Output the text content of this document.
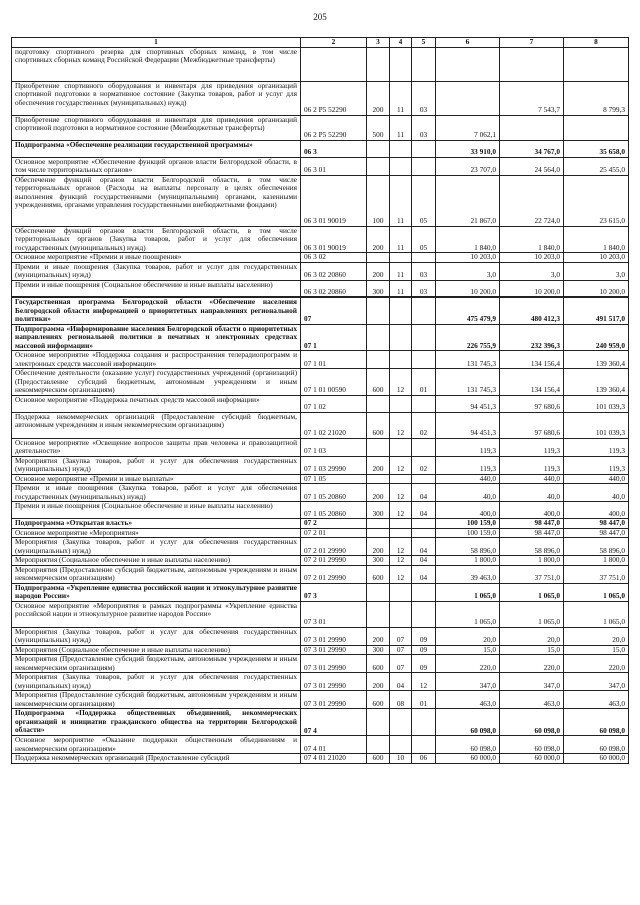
205
1	2	3	4	5	6	7	8
подготовку спортивного резерва для спортивных сборных команд, в том числе спортивных сборных команд Российской Федерации (Межбюджетные трансферты)							
Приобретение спортивного оборудования и инвентаря для приведения организаций спортивной подготовки в нормативное состояние (Закупка товаров, работ и услуг для обеспечения государственных (муниципальных) нужд)	06 2 P5 52290	200	11	03		7 543,7	8 799,3
Приобретение спортивного оборудования и инвентаря для приведения организаций спортивной подготовки в нормативное состояние (Межбюджетные трансферты)	06 2 P5 52290	500	11	03	7 062,1		
Подпрограмма «Обеспечение реализации государственной программы»	06 3				33 910,0	34 767,0	35 658,0
Основное мероприятие «Обеспечение функций органов власти Белгородской области, в том числе территориальных органов»	06 3 01				23 707,0	24 564,0	25 455,0
Обеспечение функций органов власти Белгородской области, в том числе территориальных органов (Расходы на выплаты персоналу в целях обеспечения выполнения функций государственными (муниципальными) органами, казенными учреждениями, органами управления государственными внебюджетными фондами)	06 3 01 90019	100	11	05	21 867,0	22 724,0	23 615,0
Обеспечение функций органов власти Белгородской области, в том числе территориальных органов (Закупка товаров, работ и услуг для обеспечения государственных (муниципальных) нужд)	06 3 01 90019	200	11	05	1 840,0	1 840,0	1 840,0
Основное мероприятие «Премии и иные поощрения»	06 3 02				10 203,0	10 203,0	10 203,0
Премии и иные поощрения (Закупка товаров, работ и услуг для государственных (муниципальных) нужд)	06 3 02 20860	200	11	03	3,0	3,0	3,0
Премии и иные поощрения (Социальное обеспечение и иные выплаты населению)	06 3 02 20860	300	11	03	10 200,0	10 200,0	10 200,0
Государственная программа Белгородской области «Обеспечение населения Белгородской области информацией о приоритетных направлениях региональной политики»	07				475 479,9	480 412,3	491 517,0
Подпрограмма «Информирование населения Белгородской области о приоритетных направлениях региональной политики в печатных и электронных средствах массовой информации»	07 1				226 755,9	232 396,3	240 959,0
Основное мероприятие «Поддержка создания и распространения телерадиопрограмм и электронных средств массовой информации»	07 1 01				131 745,3	134 156,4	139 360,4
Обеспечение деятельности (оказание услуг) государственных учреждений (организаций) (Предоставление субсидий бюджетным, автономным учреждениям и иным некоммерческим организациям)	07 1 01 00590	600	12	01	131 745,3	134 156,4	139 360,4
Основное мероприятие «Поддержка печатных средств массовой информации»	07 1 02				94 451,3	97 680,6	101 039,3
Поддержка некоммерческих организаций (Предоставление субсидий бюджетным, автономным учреждениям и иным некоммерческим организациям)	07 1 02 21020	600	12	02	94 451,3	97 680,6	101 039,3
Основное мероприятие «Освещение вопросов защиты прав человека и правозащитной деятельности»	07 1 03				119,3	119,3	119,3
Мероприятия (Закупка товаров, работ и услуг для обеспечения государственных (муниципальных) нужд)	07 1 03 29990	200	12	02	119,3	119,3	119,3
Основное мероприятие «Премии и иные выплаты»	07 1 05				440,0	440,0	440,0
Премии и иные поощрения (Закупка товаров, работ и услуг для обеспечения государственных (муниципальных) нужд)	07 1 05 20860	200	12	04	40,0	40,0	40,0
Премии и иные поощрения (Социальное обеспечение и иные выплаты населению)	07 1 05 20860	300	12	04	400,0	400,0	400,0
Подпрограмма «Открытая власть»	07 2				100 159,0	98 447,0	98 447,0
Основное мероприятие «Мероприятия»	07 2 01				100 159,0	98 447,0	98 447,0
Мероприятия (Закупка товаров, работ и услуг для обеспечения государственных (муниципальных) нужд)	07 2 01 29990	200	12	04	58 896,0	58 896,0	58 896,0
Мероприятия (Социальное обеспечение и иные выплаты населению)	07 2 01 29990	300	12	04	1 800,0	1 800,0	1 800,0
Мероприятия (Предоставление субсидий бюджетным, автономным учреждениям и иным некоммерческим организациям)	07 2 01 29990	600	12	04	39 463,0	37 751,0	37 751,0
Подпрограмма «Укрепление единства российской нации и этнокультурное развитие народов России»	07 3				1 065,0	1 065,0	1 065,0
Основное мероприятие «Мероприятия в рамках подпрограммы «Укрепление единства российской нации и этнокультурное развитие народов России»	07 3 01				1 065,0	1 065,0	1 065,0
Мероприятия (Закупка товаров, работ и услуг для обеспечения государственных (муниципальных) нужд)	07 3 01 29990	200	07	09	20,0	20,0	20,0
Мероприятия (Социальное обеспечение и иные выплаты населению)	07 3 01 29990	300	07	09	15,0	15,0	15,0
Мероприятия (Предоставление субсидий бюджетным, автономным учреждениям и иным некоммерческим организациям)	07 3 01 29990	600	07	09	220,0	220,0	220,0
Мероприятия (Закупка товаров, работ и услуг для обеспечения государственных (муниципальных) нужд)	07 3 01 29990	200	04	12	347,0	347,0	347,0
Мероприятия (Предоставление субсидий бюджетным, автономным учреждениям и иным некоммерческим организациям)	07 3 01 29990	600	08	01	463,0	463,0	463,0
Подпрограмма «Поддержка общественных объединений, некоммерческих организаций и инициатив гражданского общества на территории Белгородской области»	07 4				60 098,0	60 098,0	60 098,0
Основное мероприятие «Оказание поддержки общественным объединениям и некоммерческим организациям»	07 4 01				60 098,0	60 098,0	60 098,0
Поддержка некоммерческих организаций (Предоставление субсидий	07 4 01 21020	600	10	06	60 000,0	60 000,0	60 000,0
